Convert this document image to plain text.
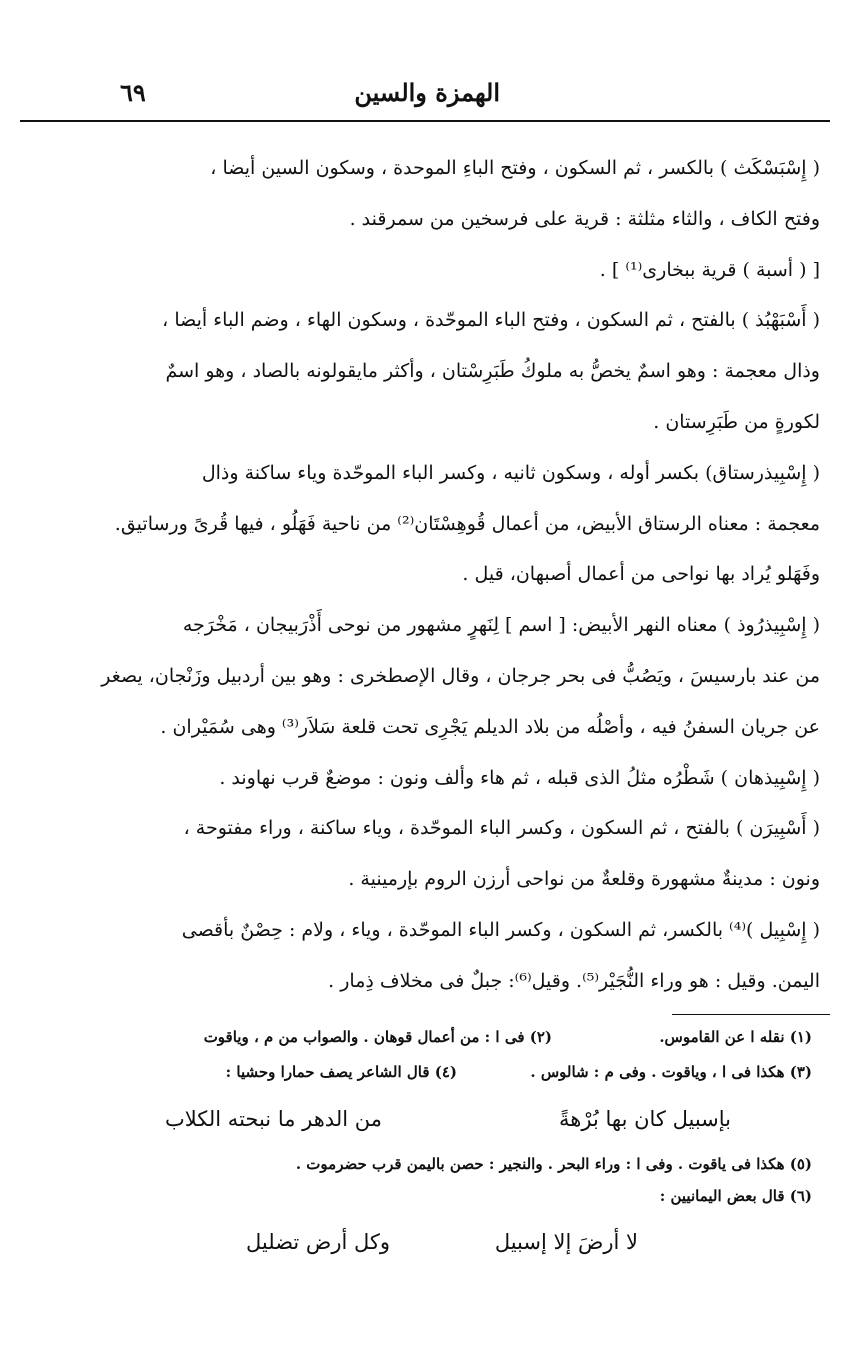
الهمزة والسين
٦٩
( إِسْبَسْكَث ) بالكسر ، ثم السكون ، وفتح الباءِ الموحدة ، وسكون السين أيضا ،
وفتح الكاف ، والثاء مثلثة : قرية على فرسخين من سمرقند .
[ ( أسبة ) قرية ببخارى⁽¹⁾ ] .
( أَسْبَهْبُذ ) بالفتح ، ثم السكون ، وفتح الباء الموحّدة ، وسكون الهاء ، وضم الباء أيضا ،
وذال معجمة : وهو اسمٌ يخصُّ به ملوكُ طَبَرِسْتان ، وأكثر مايقولونه بالصاد ، وهو اسمٌ
لكورةٍ من طَبَرِستان .
( إِسْبِيذرستاق) بكسر أوله ، وسكون ثانيه ، وكسر الباء الموحّدة وياء ساكنة وذال
معجمة : معناه الرستاق الأبيض، من أعمال قُوهِسْتَان⁽²⁾ من ناحية فَهَلُو ، فيها قُرىً ورساتيق.
وفَهَلو يُراد بها نواحى من أعمال أصبهان، قيل .
( إِسْبِيذرُوذ ) معناه النهر الأبيض: [ اسم ] لِنَهرٍ مشهور من نوحى أَذْرَبيجان ، مَخْرَجه
من عند بارسيسَ ، ويَصُبُّ فى بحر جرجان ، وقال الإصطخرى : وهو بين أردبيل وزَنْجان، يصغر
عن جريان السفنُ فيه ، وأصْلُه من بلاد الديلم يَجْرِى تحت قلعة سَلاَر⁽³⁾ وهى سُمَيْران .
( إِسْبِيذهان ) شَطْرُه مثلُ الذى قبله ، ثم هاء وألف ونون : موضعٌ قرب نهاوند .
( أَسْبِيرَن ) بالفتح ، ثم السكون ، وكسر الباء الموحّدة ، وياء ساكنة ، وراء مفتوحة ،
ونون : مدينةٌ مشهورة وقلعةٌ من نواحى أرزن الروم بإرمينية .
( إِسْبِيل )⁽⁴⁾ بالكسر، ثم السكون ، وكسر الباء الموحّدة ، وياء ، ولام : حِصْنٌ بأقصى
اليمن. وقيل : هو وراء النُّجَيْر⁽⁵⁾. وقيل⁽⁶⁾: جبلٌ فى مخلاف ذِمار .
(١) نقله ا عن القاموس.
(٢) فى ا : من أعمال قوهان . والصواب من م ، وياقوت
(٣) هكذا فى ا ، وياقوت . وفى م : شالوس .
(٤) قال الشاعر يصف حمارا وحشيا :
بإسبيل كان بها بُرْهةً
من الدهر ما نبحته الكلاب
(٥) هكذا فى ياقوت . وفى ا : وراء البحر . والنجير : حصن باليمن قرب حضرموت .
(٦) قال بعض اليمانيين :
لا أرضَ إلا إسبيل
وكل أرض تضليل
